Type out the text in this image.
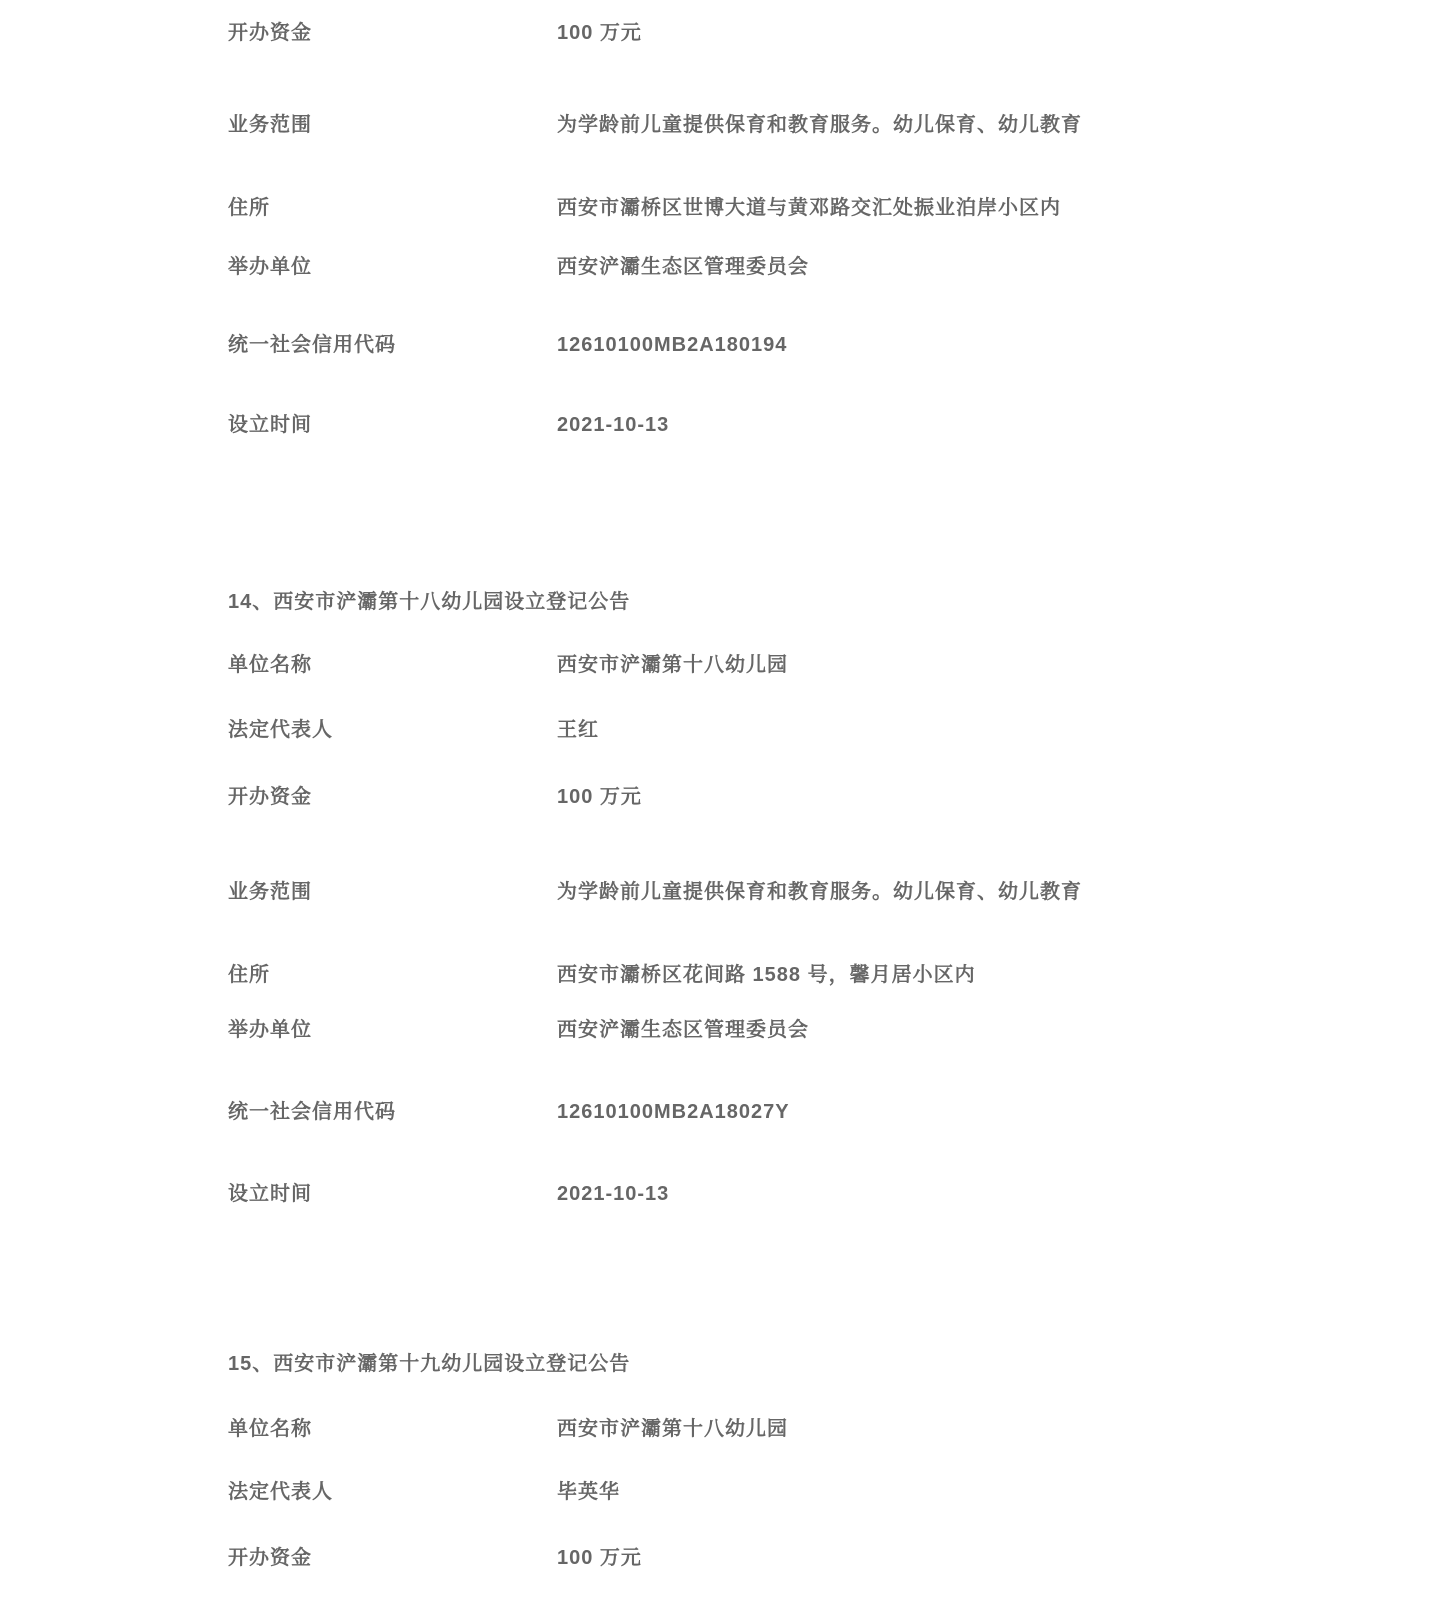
开办资金	100 万元
业务范围	为学龄前儿童提供保育和教育服务。幼儿保育、幼儿教育
住所	西安市灞桥区世博大道与黄邓路交汇处振业泊岸小区内
举办单位	西安浐灞生态区管理委员会
统一社会信用代码	12610100MB2A180194
设立时间	2021-10-13
14、西安市浐灞第十八幼儿园设立登记公告
单位名称	西安市浐灞第十八幼儿园
法定代表人	王红
开办资金	100 万元
业务范围	为学龄前儿童提供保育和教育服务。幼儿保育、幼儿教育
住所	西安市灞桥区花间路 1588 号，馨月居小区内
举办单位	西安浐灞生态区管理委员会
统一社会信用代码	12610100MB2A18027Y
设立时间	2021-10-13
15、西安市浐灞第十九幼儿园设立登记公告
单位名称	西安市浐灞第十八幼儿园
法定代表人	毕英华
开办资金	100 万元
